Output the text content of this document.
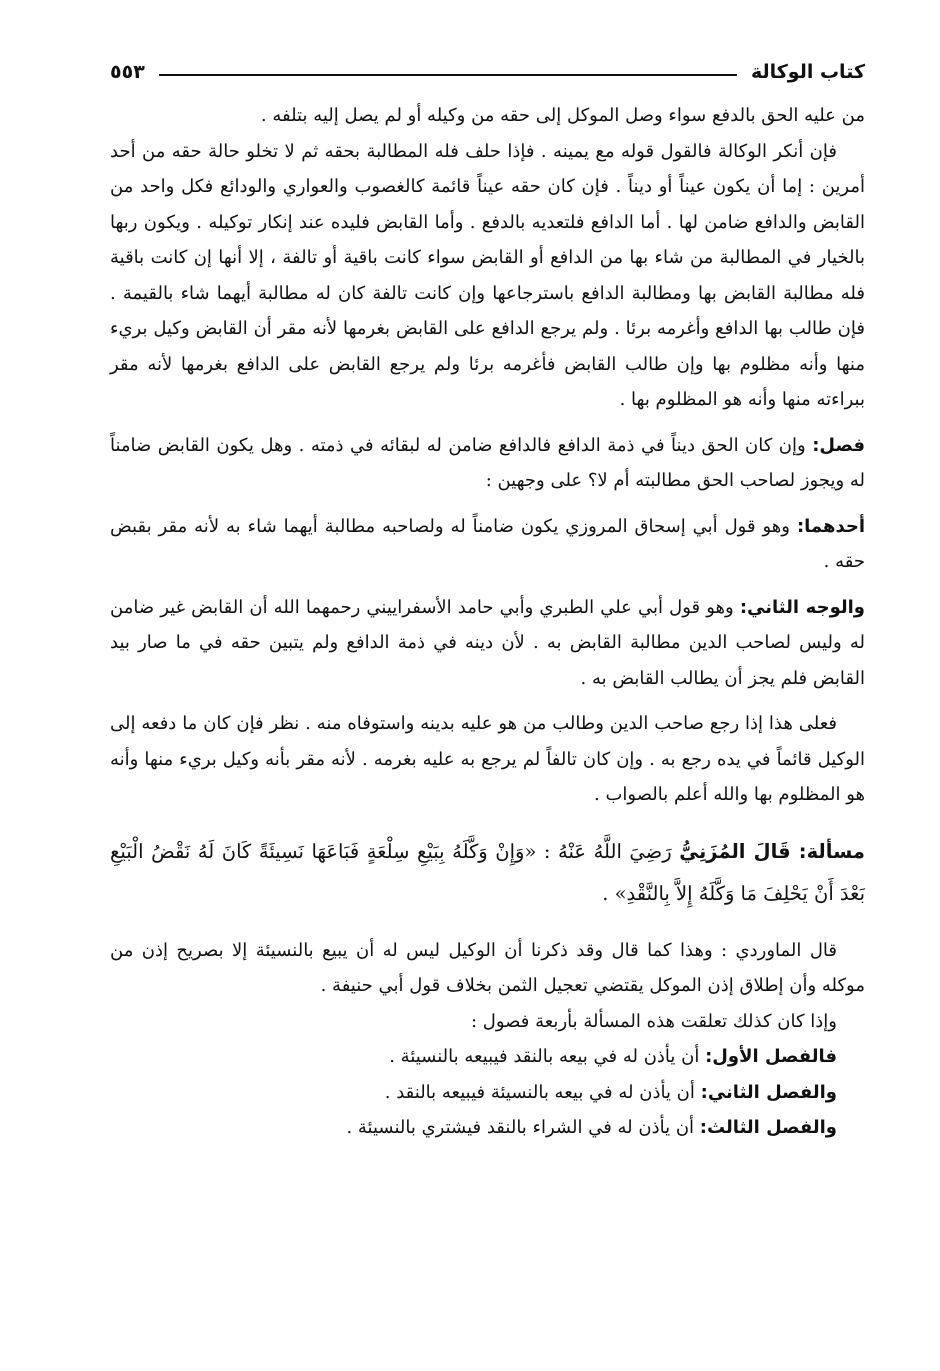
كتاب الوكالة
٥٥٣

من عليه الحق بالدفع سواء وصل الموكل إلى حقه من وكيله أو لم يصل إليه بتلفه .

فإن أنكر الوكالة فالقول قوله مع يمينه . فإذا حلف فله المطالبة بحقه ثم لا تخلو حالة حقه من أحد أمرين : إما أن يكون عيناً أو ديناً . فإن كان حقه عيناً قائمة كالغصوب والعواري والودائع فكل واحد من القابض والدافع ضامن لها . أما الدافع فلتعديه بالدفع . وأما القابض فليده عند إنكار توكيله . ويكون ربها بالخيار في المطالبة من شاء بها من الدافع أو القابض سواء كانت باقية أو تالفة ، إلا أنها إن كانت باقية فله مطالبة القابض بها ومطالبة الدافع باسترجاعها وإن كانت تالفة كان له مطالبة أيهما شاء بالقيمة . فإن طالب بها الدافع وأغرمه برئا . ولم يرجع الدافع على القابض بغرمها لأنه مقر أن القابض وكيل بريء منها وأنه مظلوم بها وإن طالب القابض فأغرمه برئا ولم يرجع القابض على الدافع بغرمها لأنه مقر ببراءته منها وأنه هو المظلوم بها .

فصل: وإن كان الحق ديناً في ذمة الدافع فالدافع ضامن له لبقائه في ذمته . وهل يكون القابض ضامناً له ويجوز لصاحب الحق مطالبته أم لا؟ على وجهين :

أحدهما: وهو قول أبي إسحاق المروزي يكون ضامناً له ولصاحبه مطالبة أيهما شاء به لأنه مقر بقبض حقه .

والوجه الثاني: وهو قول أبي علي الطبري وأبي حامد الأسفراييني رحمهما الله أن القابض غير ضامن له وليس لصاحب الدين مطالبة القابض به . لأن دينه في ذمة الدافع ولم يتبين حقه في ما صار بيد القابض فلم يجز أن يطالب القابض به .

فعلى هذا إذا رجع صاحب الدين وطالب من هو عليه بدينه واستوفاه منه . نظر فإن كان ما دفعه إلى الوكيل قائماً في يده رجع به . وإن كان تالفاً لم يرجع به عليه بغرمه . لأنه مقر بأنه وكيل بريء منها وأنه هو المظلوم بها والله أعلم بالصواب .

مسألة: قَالَ المُزَنِيُّ رَضِيَ اللَّهُ عَنْهُ : «وَإِنْ وَكَّلَهُ بِبَيْعِ سِلْعَةٍ فَبَاعَهَا نَسِيئَةً كَانَ لَهُ نَقْضُ الْبَيْعِ بَعْدَ أَنْ يَحْلِفَ مَا وَكَّلَهُ إِلاَّ بِالنَّقْدِ» .

قال الماوردي : وهذا كما قال وقد ذكرنا أن الوكيل ليس له أن يبيع بالنسيئة إلا بصريح إذن من موكله وأن إطلاق إذن الموكل يقتضي تعجيل الثمن بخلاف قول أبي حنيفة .

وإذا كان كذلك تعلقت هذه المسألة بأربعة فصول :

فالفصل الأول: أن يأذن له في بيعه بالنقد فيبيعه بالنسيئة .

والفصل الثاني: أن يأذن له في بيعه بالنسيئة فيبيعه بالنقد .

والفصل الثالث: أن يأذن له في الشراء بالنقد فيشتري بالنسيئة .
